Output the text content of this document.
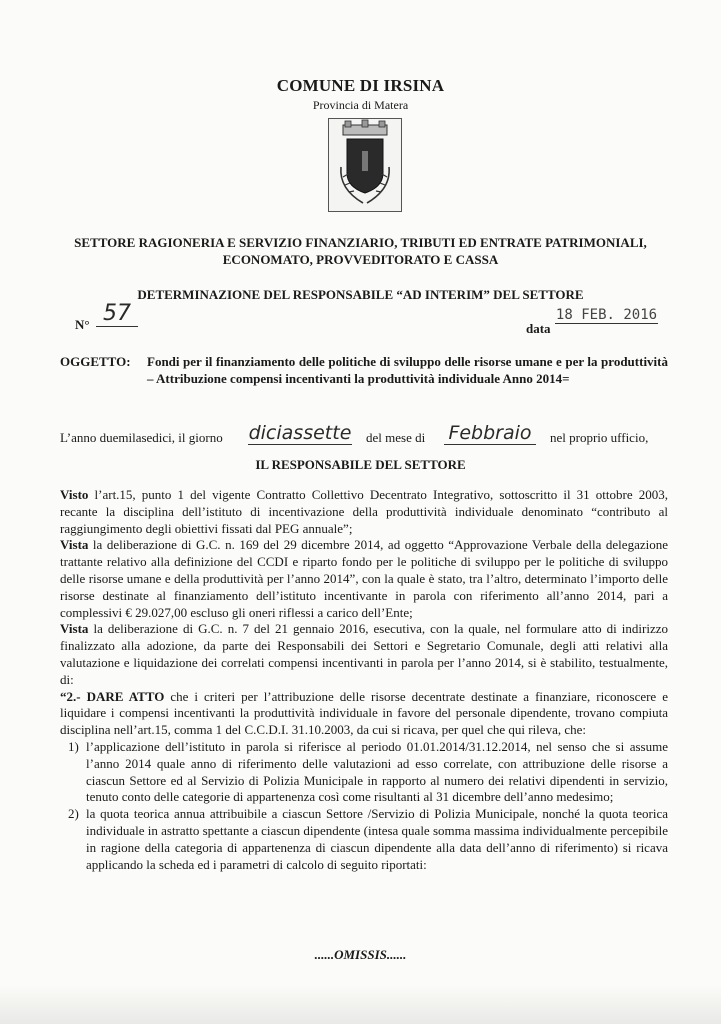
COMUNE DI IRSINA
Provincia di Matera
SETTORE RAGIONERIA E SERVIZIO FINANZIARIO, TRIBUTI ED ENTRATE PATRIMONIALI, ECONOMATO, PROVVEDITORATO E CASSA
DETERMINAZIONE DEL RESPONSABILE “AD INTERIM” DEL SETTORE
N° 57
data
18 FEB. 2016
OGGETTO: Fondi per il finanziamento delle politiche di sviluppo delle risorse umane e per la produttività – Attribuzione compensi incentivanti la produttività individuale Anno 2014=
L’anno duemilasedici, il giorno diciassette del mese di Febbraio	nel proprio ufficio,
IL RESPONSABILE DEL SETTORE

Visto l’art.15, punto 1 del vigente Contratto Collettivo Decentrato Integrativo, sottoscritto il 31 ottobre 2003, recante la disciplina dell’istituto di incentivazione della produttività individuale denominato “contributo al raggiungimento degli obiettivi fissati dal PEG annuale”;

Vista la deliberazione di G.C. n. 169 del 29 dicembre 2014, ad oggetto “Approvazione Verbale della delegazione trattante relativo alla definizione del CCDI e riparto fondo per le politiche di sviluppo per le politiche di sviluppo delle risorse umane e della produttività per l’anno 2014”, con la quale è stato, tra l’altro, determinato l’importo delle risorse destinate al finanziamento dell’istituto incentivante in parola con riferimento all’anno 2014, pari a complessivi € 29.027,00 escluso gli oneri riflessi a carico dell’Ente;

Vista la deliberazione di G.C. n. 7 del 21 gennaio 2016, esecutiva, con la quale, nel formulare atto di indirizzo finalizzato alla adozione, da parte dei Responsabili dei Settori e Segretario Comunale, degli atti relativi alla valutazione e liquidazione dei correlati compensi incentivanti in parola per l’anno 2014, si è stabilito, testualmente, di:

“2.- DARE ATTO che i criteri per l’attribuzione delle risorse decentrate destinate a finanziare, riconoscere e liquidare i compensi incentivanti la produttività individuale in favore del personale dipendente, trovano compiuta disciplina nell’art.15, comma 1 del C.C.D.I. 31.10.2003, da cui si ricava, per quel che qui rileva, che:

1) l’applicazione dell’istituto in parola si riferisce al periodo 01.01.2014/31.12.2014, nel senso che si assume l’anno 2014 quale anno di riferimento delle valutazioni ad esso correlate, con attribuzione delle risorse a ciascun Settore ed al Servizio di Polizia Municipale in rapporto al numero dei relativi dipendenti in servizio, tenuto conto delle categorie di appartenenza così come risultanti al 31 dicembre dell’anno medesimo;
2) la quota teorica annua attribuibile a ciascun Settore /Servizio di Polizia Municipale, nonché la quota teorica individuale in astratto spettante a ciascun dipendente (intesa quale somma massima individualmente percepibile in ragione della categoria di appartenenza di ciascun dipendente alla data dell’anno di riferimento) si ricava applicando la scheda ed i parametri di calcolo di seguito riportati:
......OMISSIS......
